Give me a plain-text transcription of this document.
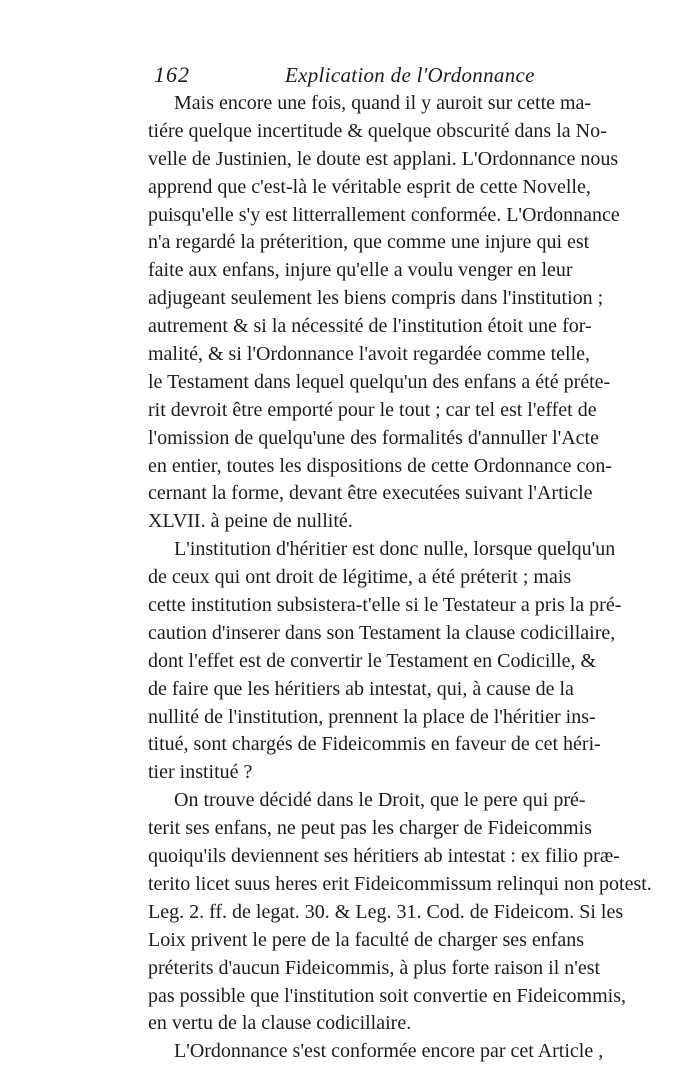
162	Explication de l'Ordonnance
Mais encore une fois, quand il y auroit sur cette ma-
tiére quelque incertitude & quelque obscurité dans la No-
velle de Justinien, le doute est applani. L'Ordonnance nous
apprend que c'est-là le véritable esprit de cette Novelle,
puisqu'elle s'y est litterrallement conformée. L'Ordonnance
n'a regardé la préterition, que comme une injure qui est
faite aux enfans, injure qu'elle a voulu venger en leur
adjugeant seulement les biens compris dans l'institution ;
autrement & si la nécessité de l'institution étoit une for-
malité, & si l'Ordonnance l'avoit regardée comme telle,
le Testament dans lequel quelqu'un des enfans a été préte-
rit devroit être emporté pour le tout ; car tel est l'effet de
l'omission de quelqu'une des formalités d'annuller l'Acte
en entier, toutes les dispositions de cette Ordonnance con-
cernant la forme, devant être executées suivant l'Article
XLVII. à peine de nullité.
L'institution d'héritier est donc nulle, lorsque quelqu'un
de ceux qui ont droit de légitime, a été préterit ; mais
cette institution subsistera-t'elle si le Testateur a pris la pré-
caution d'inserer dans son Testament la clause codicillaire,
dont l'effet est de convertir le Testament en Codicille, &
de faire que les héritiers ab intestat, qui, à cause de la
nullité de l'institution, prennent la place de l'héritier ins-
titué, sont chargés de Fideicommis en faveur de cet héri-
tier institué ?
On trouve décidé dans le Droit, que le pere qui pré-
terit ses enfans, ne peut pas les charger de Fideicommis
quoiqu'ils deviennent ses héritiers ab intestat : ex filio præ-
terito licet suus heres erit Fideicommissum relinqui non potest.
Leg. 2. ff. de legat. 30. & Leg. 31. Cod. de Fideicom. Si les
Loix privent le pere de la faculté de charger ses enfans
préterits d'aucun Fideicommis, à plus forte raison il n'est
pas possible que l'institution soit convertie en Fideicommis,
en vertu de la clause codicillaire.
L'Ordonnance s'est conformée encore par cet Article ,
